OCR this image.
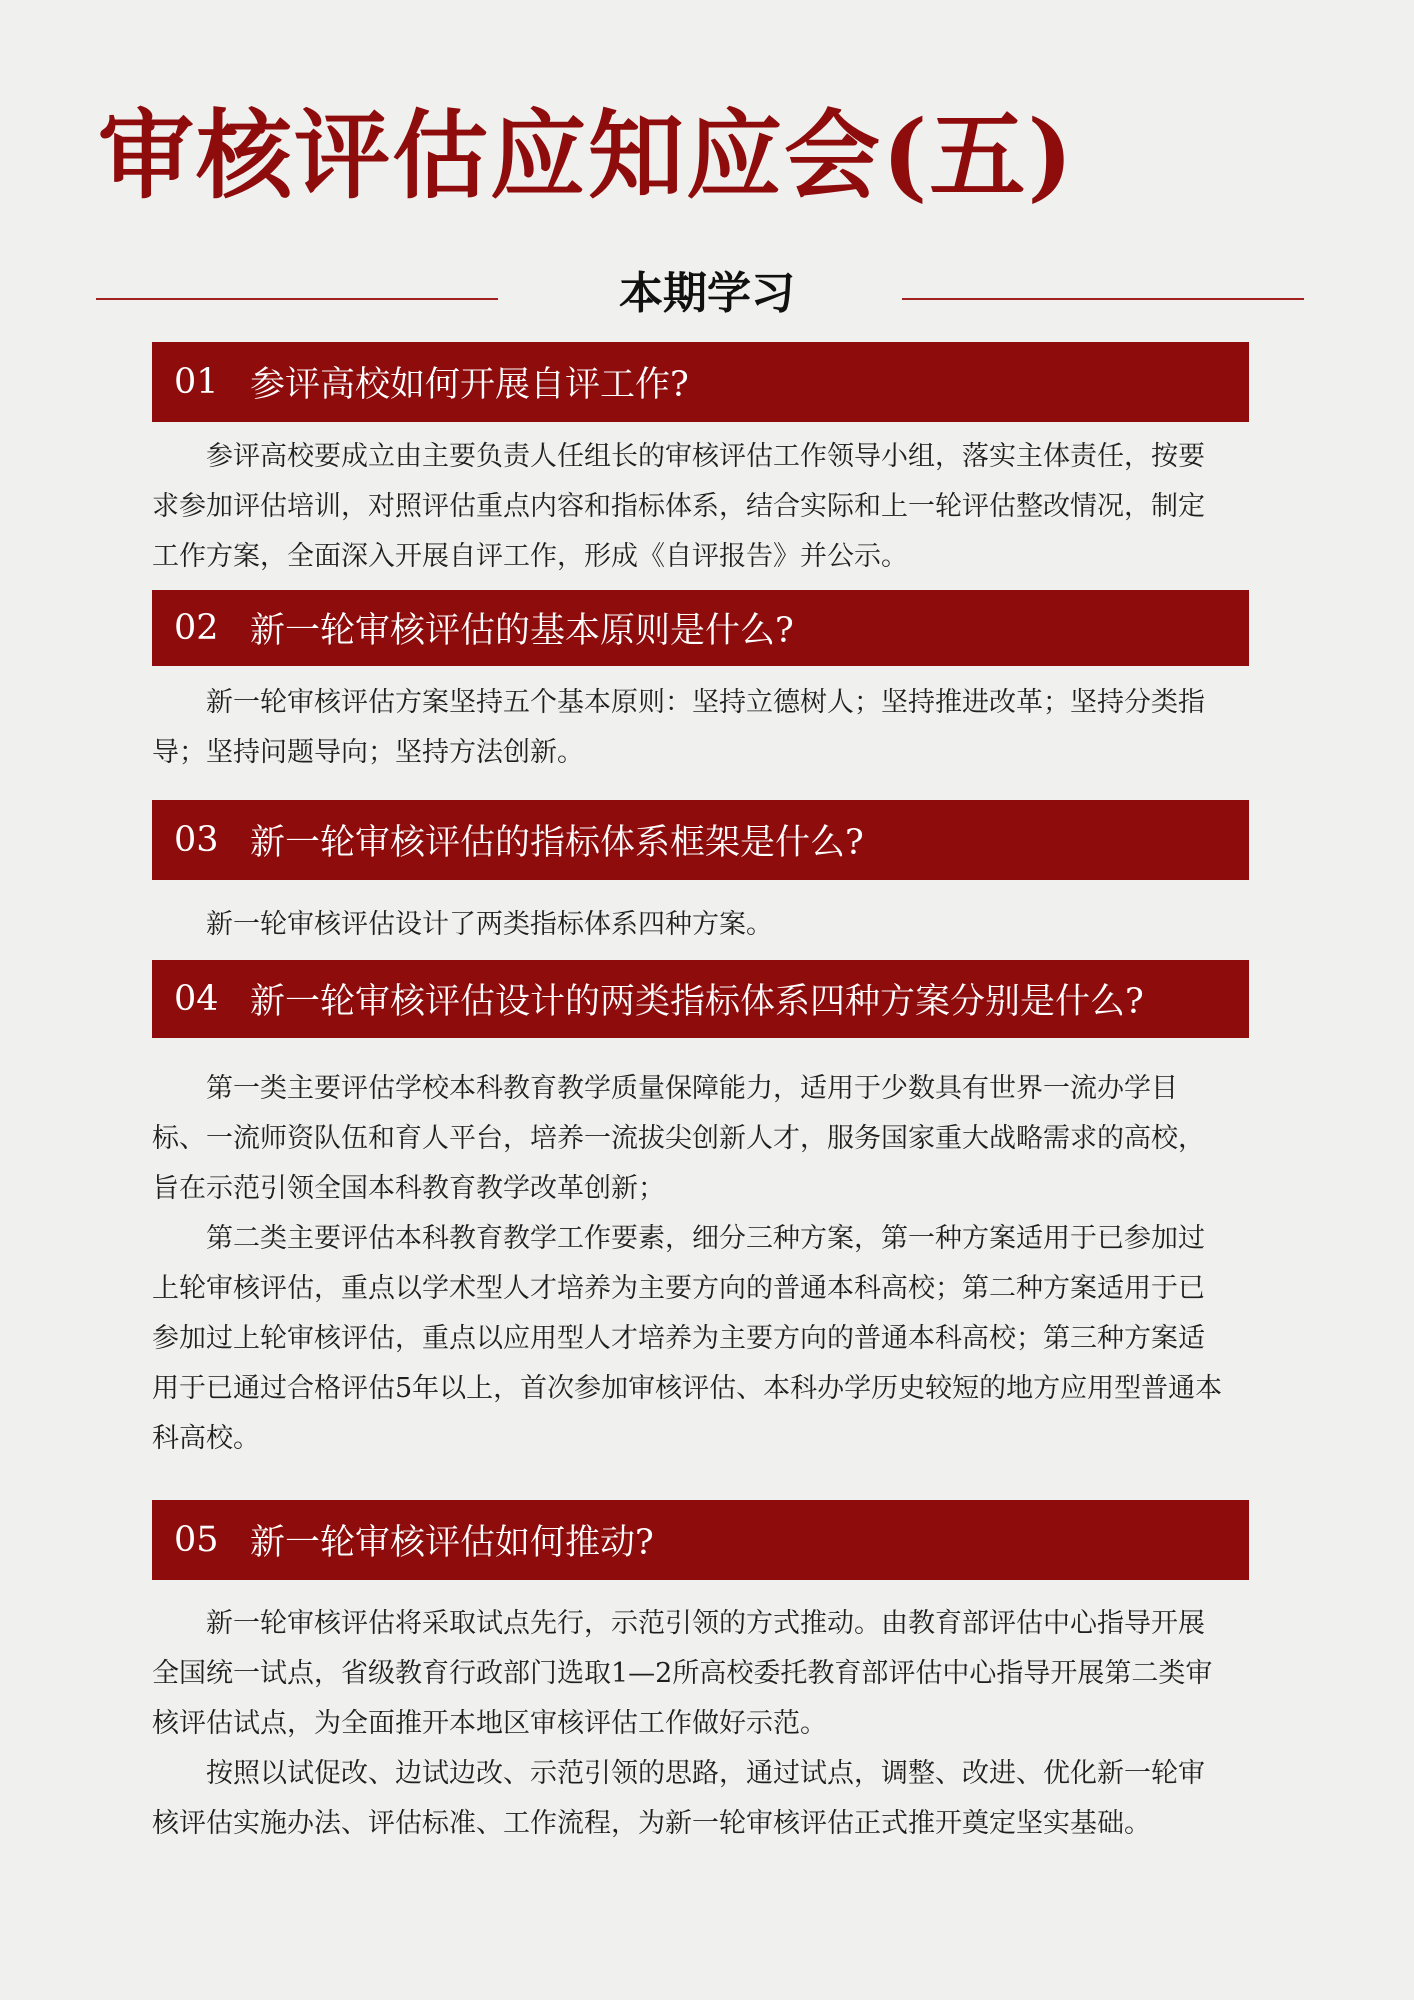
审核评估应知应会(五)
本期学习
01 参评高校如何开展自评工作?

参评高校要成立由主要负责人任组长的审核评估工作领导小组，落实主体责任，按要求参加评估培训，对照评估重点内容和指标体系，结合实际和上一轮评估整改情况，制定工作方案，全面深入开展自评工作，形成《自评报告》并公示。

02 新一轮审核评估的基本原则是什么?

新一轮审核评估方案坚持五个基本原则：坚持立德树人；坚持推进改革；坚持分类指导；坚持问题导向；坚持方法创新。

03 新一轮审核评估的指标体系框架是什么?

新一轮审核评估设计了两类指标体系四种方案。

04 新一轮审核评估设计的两类指标体系四种方案分别是什么?

第一类主要评估学校本科教育教学质量保障能力，适用于少数具有世界一流办学目标、一流师资队伍和育人平台，培养一流拔尖创新人才，服务国家重大战略需求的高校，旨在示范引领全国本科教育教学改革创新；

第二类主要评估本科教育教学工作要素，细分三种方案，第一种方案适用于已参加过上轮审核评估，重点以学术型人才培养为主要方向的普通本科高校；第二种方案适用于已参加过上轮审核评估，重点以应用型人才培养为主要方向的普通本科高校；第三种方案适用于已通过合格评估5年以上，首次参加审核评估、本科办学历史较短的地方应用型普通本科高校。

05 新一轮审核评估如何推动?

新一轮审核评估将采取试点先行，示范引领的方式推动。由教育部评估中心指导开展全国统一试点，省级教育行政部门选取1—2所高校委托教育部评估中心指导开展第二类审核评估试点，为全面推开本地区审核评估工作做好示范。

按照以试促改、边试边改、示范引领的思路，通过试点，调整、改进、优化新一轮审核评估实施办法、评估标准、工作流程，为新一轮审核评估正式推开奠定坚实基础。
